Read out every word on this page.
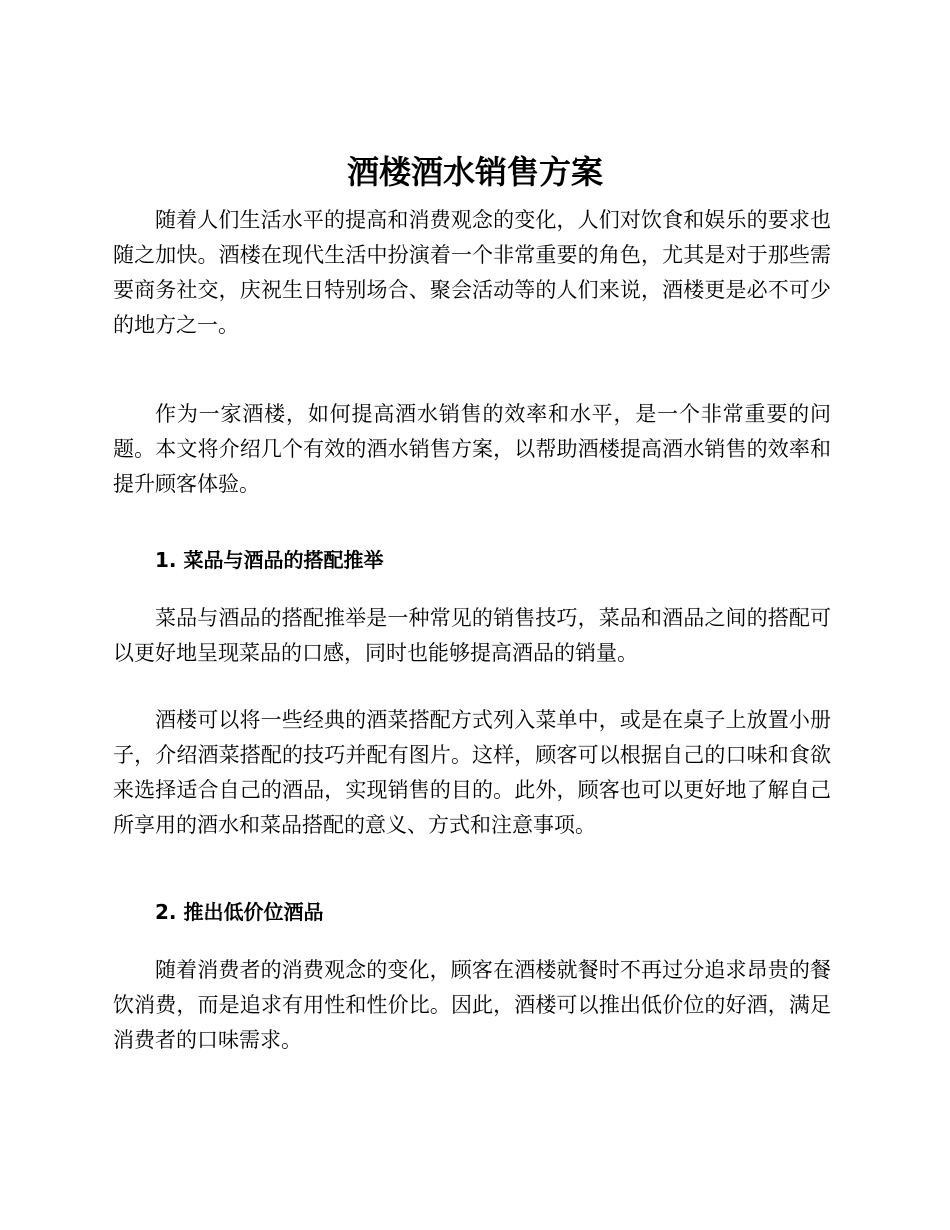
酒楼酒水销售方案

随着人们生活水平的提高和消费观念的变化，人们对饮食和娱乐的要求也随之加快。酒楼在现代生活中扮演着一个非常重要的角色，尤其是对于那些需要商务社交，庆祝生日特别场合、聚会活动等的人们来说，酒楼更是必不可少的地方之一。

作为一家酒楼，如何提高酒水销售的效率和水平，是一个非常重要的问题。本文将介绍几个有效的酒水销售方案，以帮助酒楼提高酒水销售的效率和提升顾客体验。

1. 菜品与酒品的搭配推举

菜品与酒品的搭配推举是一种常见的销售技巧，菜品和酒品之间的搭配可以更好地呈现菜品的口感，同时也能够提高酒品的销量。

酒楼可以将一些经典的酒菜搭配方式列入菜单中，或是在桌子上放置小册子，介绍酒菜搭配的技巧并配有图片。这样，顾客可以根据自己的口味和食欲来选择适合自己的酒品，实现销售的目的。此外，顾客也可以更好地了解自己所享用的酒水和菜品搭配的意义、方式和注意事项。

2. 推出低价位酒品

随着消费者的消费观念的变化，顾客在酒楼就餐时不再过分追求昂贵的餐饮消费，而是追求有用性和性价比。因此，酒楼可以推出低价位的好酒，满足消费者的口味需求。
